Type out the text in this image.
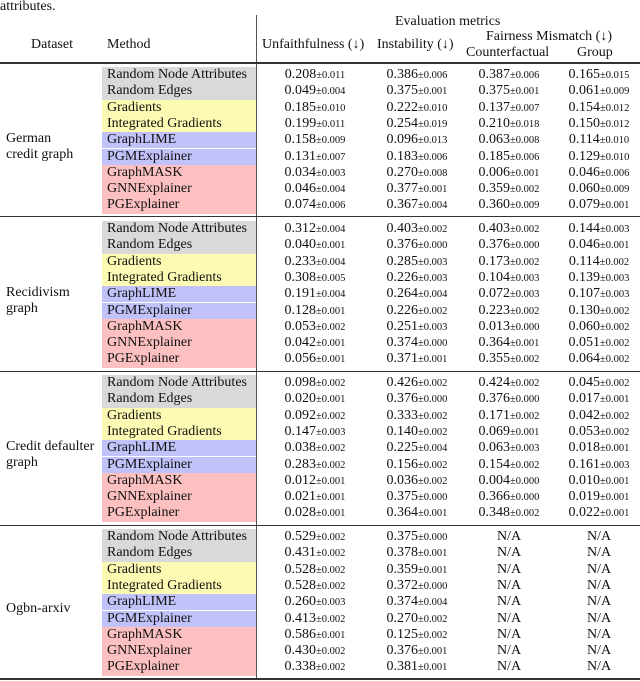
attributes.
Dataset Method
Evaluation metrics
Unfaithfulness (↓) Instability (↓)
Fairness Mismatch (↓)
Counterfactual Group
German
credit graph
Random Node Attributes	0.208±0.011	0.386±0.006	0.387±0.006	0.165±0.015
Random Edges	0.049±0.004	0.375±0.001	0.375±0.001	0.061±0.009
Gradients	0.185±0.010	0.222±0.010	0.137±0.007	0.154±0.012
Integrated Gradients	0.199±0.011	0.254±0.019	0.210±0.018	0.150±0.012
GraphLIME	0.158±0.009	0.096±0.013	0.063±0.008	0.114±0.010
PGMExplainer	0.131±0.007	0.183±0.006	0.185±0.006	0.129±0.010
GraphMASK	0.034±0.003	0.270±0.008	0.006±0.001	0.046±0.006
GNNExplainer	0.046±0.004	0.377±0.001	0.359±0.002	0.060±0.009
PGExplainer	0.074±0.006	0.367±0.004	0.360±0.009	0.079±0.001
Recidivism
graph
Random Node Attributes	0.312±0.004	0.403±0.002	0.403±0.002	0.144±0.003
Random Edges	0.040±0.001	0.376±0.000	0.376±0.000	0.046±0.001
Gradients	0.233±0.004	0.285±0.003	0.173±0.002	0.114±0.002
Integrated Gradients	0.308±0.005	0.226±0.003	0.104±0.003	0.139±0.003
GraphLIME	0.191±0.004	0.264±0.004	0.072±0.003	0.107±0.003
PGMExplainer	0.128±0.001	0.226±0.002	0.223±0.002	0.130±0.002
GraphMASK	0.053±0.002	0.251±0.003	0.013±0.000	0.060±0.002
GNNExplainer	0.042±0.001	0.374±0.000	0.364±0.001	0.051±0.002
PGExplainer	0.056±0.001	0.371±0.001	0.355±0.002	0.064±0.002
Credit defaulter
graph
Random Node Attributes	0.098±0.002	0.426±0.002	0.424±0.002	0.045±0.002
Random Edges	0.020±0.001	0.376±0.000	0.376±0.000	0.017±0.001
Gradients	0.092±0.002	0.333±0.002	0.171±0.002	0.042±0.002
Integrated Gradients	0.147±0.003	0.140±0.002	0.069±0.001	0.053±0.002
GraphLIME	0.038±0.002	0.225±0.004	0.063±0.003	0.018±0.001
PGMExplainer	0.283±0.002	0.156±0.002	0.154±0.002	0.161±0.003
GraphMASK	0.012±0.001	0.036±0.002	0.004±0.000	0.010±0.001
GNNExplainer	0.021±0.001	0.375±0.000	0.366±0.000	0.019±0.001
PGExplainer	0.028±0.001	0.364±0.001	0.348±0.002	0.022±0.001
Ogbn-arxiv
Random Node Attributes	0.529±0.002	0.375±0.000	N/A	N/A
Random Edges	0.431±0.002	0.378±0.001	N/A	N/A
Gradients	0.528±0.002	0.359±0.001	N/A	N/A
Integrated Gradients	0.528±0.002	0.372±0.000	N/A	N/A
GraphLIME	0.260±0.003	0.374±0.004	N/A	N/A
PGMExplainer	0.413±0.002	0.270±0.002	N/A	N/A
GraphMASK	0.586±0.001	0.125±0.002	N/A	N/A
GNNExplainer	0.430±0.002	0.376±0.001	N/A	N/A
PGExplainer	0.338±0.002	0.381±0.001	N/A	N/A
